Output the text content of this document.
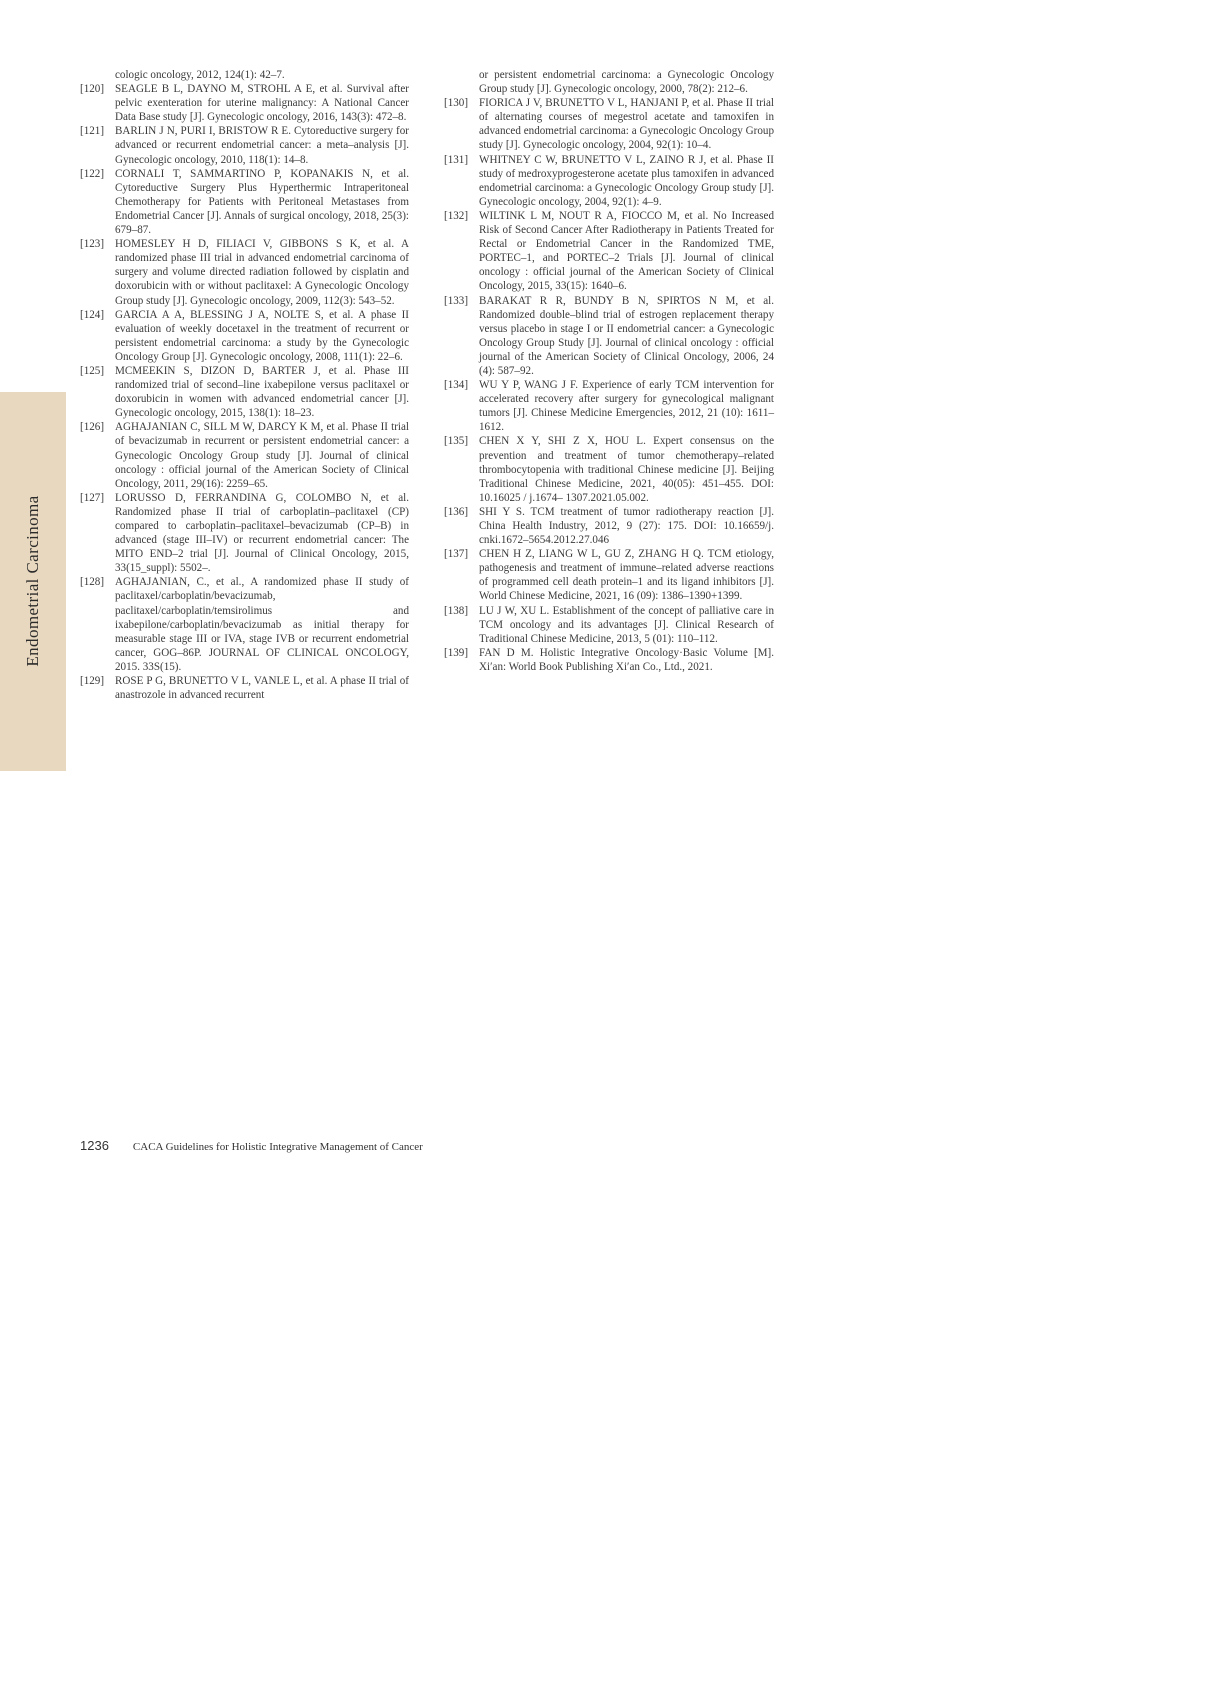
Endometrial Carcinoma
cologic oncology, 2012, 124(1): 42–7.
[120] SEAGLE B L, DAYNO M, STROHL A E, et al. Survival after pelvic exenteration for uterine malignancy: A National Cancer Data Base study [J]. Gynecologic oncology, 2016, 143(3): 472–8.
[121] BARLIN J N, PURI I, BRISTOW R E. Cytoreductive surgery for advanced or recurrent endometrial cancer: a meta–analysis [J]. Gynecologic oncology, 2010, 118(1): 14–8.
[122] CORNALI T, SAMMARTINO P, KOPANAKIS N, et al. Cytoreductive Surgery Plus Hyperthermic Intraperitoneal Chemotherapy for Patients with Peritoneal Metastases from Endometrial Cancer [J]. Annals of surgical oncology, 2018, 25(3): 679–87.
[123] HOMESLEY H D, FILIACI V, GIBBONS S K, et al. A randomized phase III trial in advanced endometrial carcinoma of surgery and volume directed radiation followed by cisplatin and doxorubicin with or without paclitaxel: A Gynecologic Oncology Group study [J]. Gynecologic oncology, 2009, 112(3): 543–52.
[124] GARCIA A A, BLESSING J A, NOLTE S, et al. A phase II evaluation of weekly docetaxel in the treatment of recurrent or persistent endometrial carcinoma: a study by the Gynecologic Oncology Group [J]. Gynecologic oncology, 2008, 111(1): 22–6.
[125] MCMEEKIN S, DIZON D, BARTER J, et al. Phase III randomized trial of second–line ixabepilone versus paclitaxel or doxorubicin in women with advanced endometrial cancer [J]. Gynecologic oncology, 2015, 138(1): 18–23.
[126] AGHAJANIAN C, SILL M W, DARCY K M, et al. Phase II trial of bevacizumab in recurrent or persistent endometrial cancer: a Gynecologic Oncology Group study [J]. Journal of clinical oncology : official journal of the American Society of Clinical Oncology, 2011, 29(16): 2259–65.
[127] LORUSSO D, FERRANDINA G, COLOMBO N, et al. Randomized phase II trial of carboplatin–paclitaxel (CP) compared to carboplatin–paclitaxel–bevacizumab (CP–B) in advanced (stage III–IV) or recurrent endometrial cancer: The MITO END–2 trial [J]. Journal of Clinical Oncology, 2015, 33(15_suppl): 5502–.
[128] AGHAJANIAN, C., et al., A randomized phase II study of paclitaxel/carboplatin/bevacizumab, paclitaxel/carboplatin/temsirolimus and ixabepilone/carboplatin/bevacizumab as initial therapy for measurable stage III or IVA, stage IVB or recurrent endometrial cancer, GOG–86P. JOURNAL OF CLINICAL ONCOLOGY, 2015. 33S(15).
[129] ROSE P G, BRUNETTO V L, VANLE L, et al. A phase II trial of anastrozole in advanced recurrent
or persistent endometrial carcinoma: a Gynecologic Oncology Group study [J]. Gynecologic oncology, 2000, 78(2): 212–6.
[130] FIORICA J V, BRUNETTO V L, HANJANI P, et al. Phase II trial of alternating courses of megestrol acetate and tamoxifen in advanced endometrial carcinoma: a Gynecologic Oncology Group study [J]. Gynecologic oncology, 2004, 92(1): 10–4.
[131] WHITNEY C W, BRUNETTO V L, ZAINO R J, et al. Phase II study of medroxyprogesterone acetate plus tamoxifen in advanced endometrial carcinoma: a Gynecologic Oncology Group study [J]. Gynecologic oncology, 2004, 92(1): 4–9.
[132] WILTINK L M, NOUT R A, FIOCCO M, et al. No Increased Risk of Second Cancer After Radiotherapy in Patients Treated for Rectal or Endometrial Cancer in the Randomized TME, PORTEC–1, and PORTEC–2 Trials [J]. Journal of clinical oncology : official journal of the American Society of Clinical Oncology, 2015, 33(15): 1640–6.
[133] BARAKAT R R, BUNDY B N, SPIRTOS N M, et al. Randomized double–blind trial of estrogen replacement therapy versus placebo in stage I or II endometrial cancer: a Gynecologic Oncology Group Study [J]. Journal of clinical oncology : official journal of the American Society of Clinical Oncology, 2006, 24 (4): 587–92.
[134] WU Y P, WANG J F. Experience of early TCM intervention for accelerated recovery after surgery for gynecological malignant tumors [J]. Chinese Medicine Emergencies, 2012, 21 (10): 1611–1612.
[135] CHEN X Y, SHI Z X, HOU L. Expert consensus on the prevention and treatment of tumor chemotherapy–related thrombocytopenia with traditional Chinese medicine [J]. Beijing Traditional Chinese Medicine, 2021, 40(05): 451–455. DOI: 10.16025 / j.1674– 1307.2021.05.002.
[136] SHI Y S. TCM treatment of tumor radiotherapy reaction [J]. China Health Industry, 2012, 9 (27): 175. DOI: 10.16659/j. cnki.1672–5654.2012.27.046
[137] CHEN H Z, LIANG W L, GU Z, ZHANG H Q. TCM etiology, pathogenesis and treatment of immune–related adverse reactions of programmed cell death protein–1 and its ligand inhibitors [J]. World Chinese Medicine, 2021, 16 (09): 1386–1390+1399.
[138] LU J W, XU L. Establishment of the concept of palliative care in TCM oncology and its advantages [J]. Clinical Research of Traditional Chinese Medicine, 2013, 5 (01): 110–112.
[139] FAN D M. Holistic Integrative Oncology·Basic Volume [M]. Xi′an: World Book Publishing Xi′an Co., Ltd., 2021.
1236 CACA Guidelines for Holistic Integrative Management of Cancer
